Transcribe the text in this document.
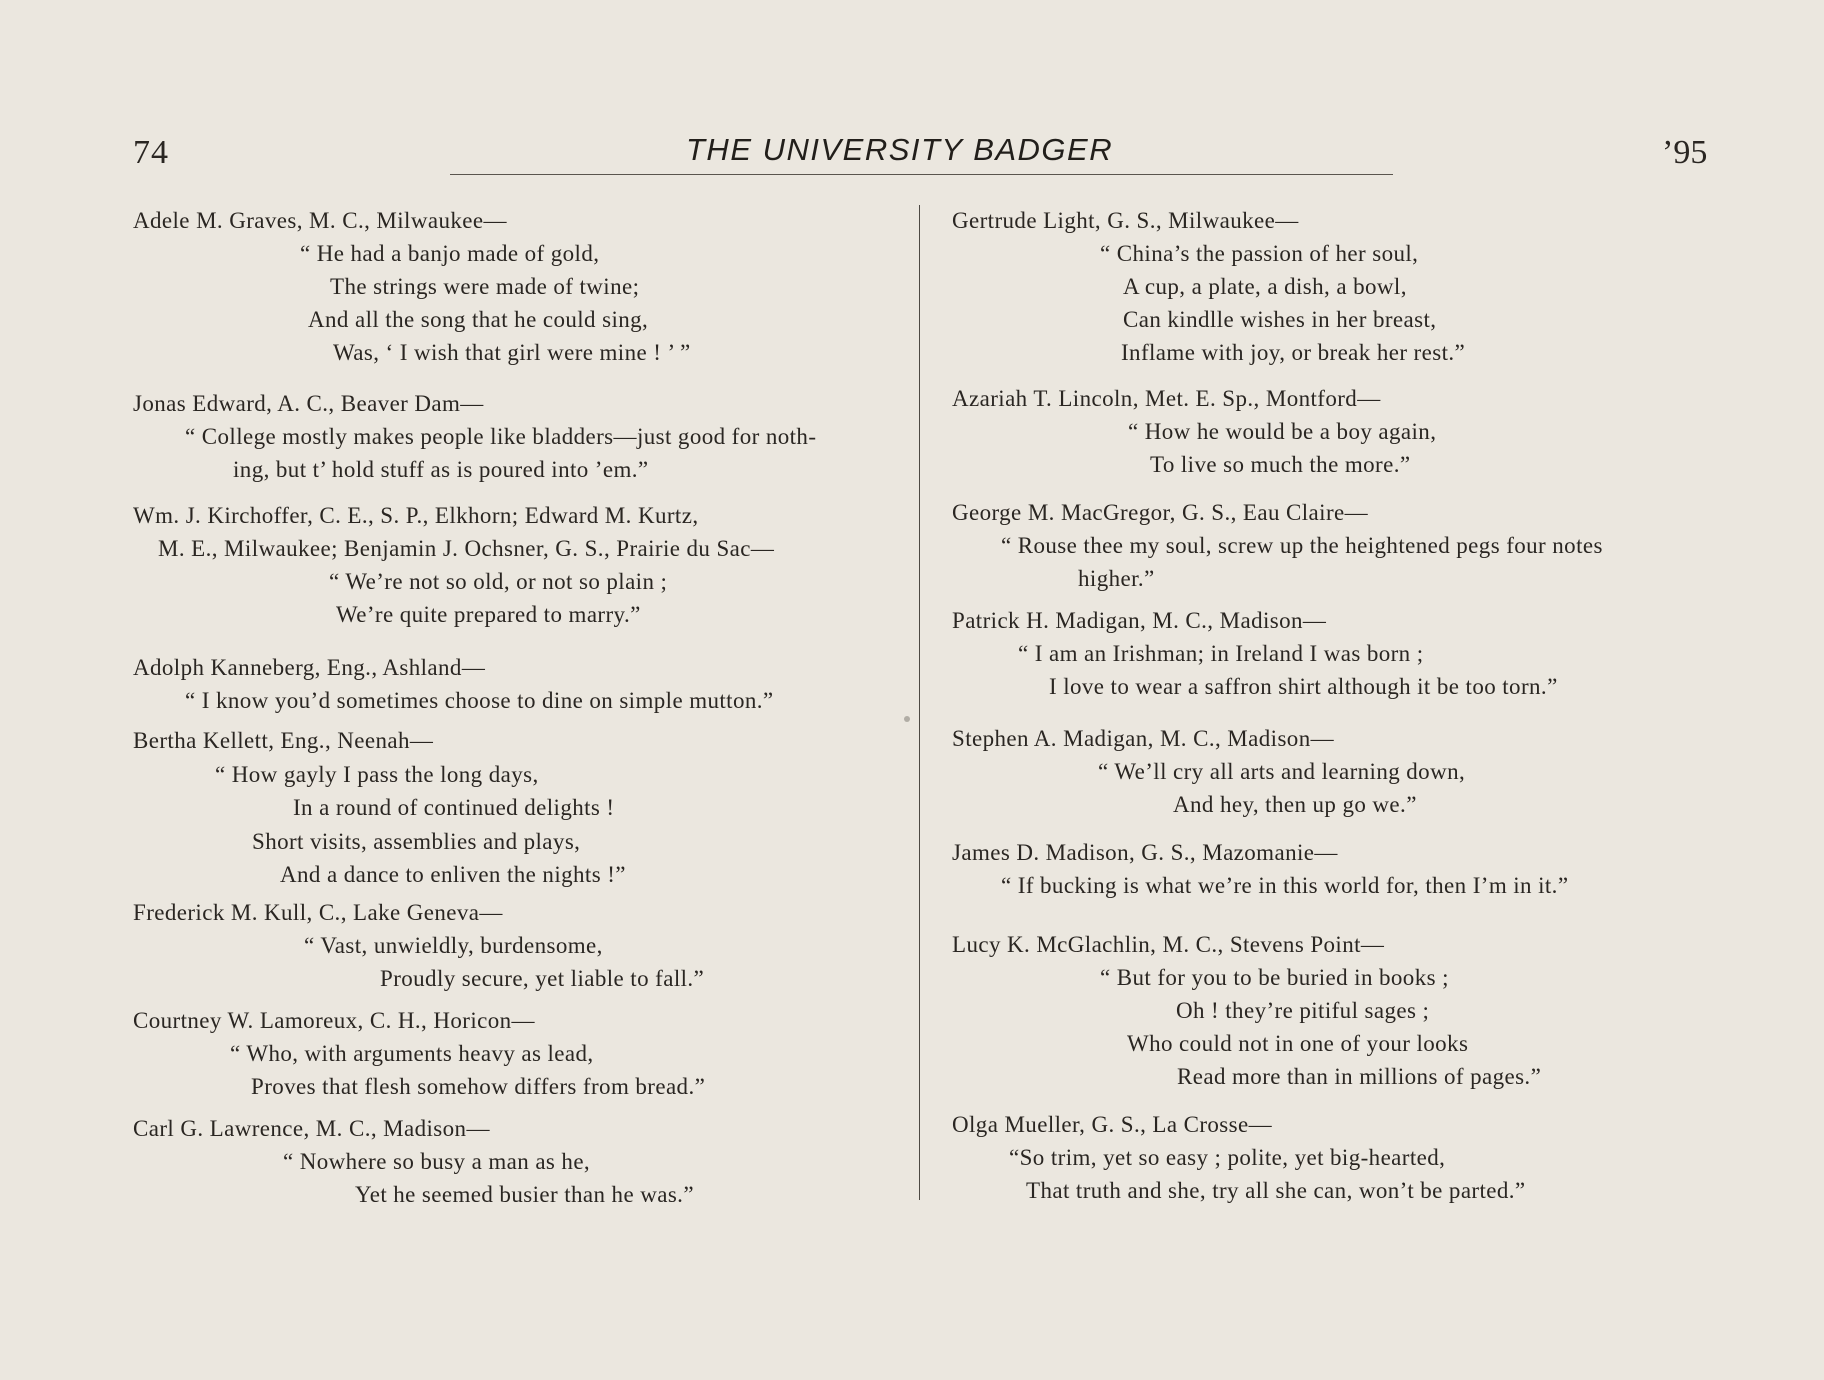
74	THE UNIVERSITY BADGER	’95
Adele M. Graves, M. C., Milwaukee—
“ He had a banjo made of gold,
The strings were made of twine;
And all the song that he could sing,
Was, ‘ I wish that girl were mine ! ’ ”
Jonas Edward, A. C., Beaver Dam—
“ College mostly makes people like bladders—just good for noth-
ing, but t’ hold stuff as is poured into ’em.”
Wm. J. Kirchoffer, C. E., S. P., Elkhorn; Edward M. Kurtz,
M. E., Milwaukee; Benjamin J. Ochsner, G. S., Prairie du Sac—
“ We’re not so old, or not so plain ;
We’re quite prepared to marry.”
Adolph Kanneberg, Eng., Ashland—
“ I know you’d sometimes choose to dine on simple mutton.”
Bertha Kellett, Eng., Neenah—
“ How gayly I pass the long days,
In a round of continued delights !
Short visits, assemblies and plays,
And a dance to enliven the nights !”
Frederick M. Kull, C., Lake Geneva—
“ Vast, unwieldly, burdensome,
Proudly secure, yet liable to fall.”
Courtney W. Lamoreux, C. H., Horicon—
“ Who, with arguments heavy as lead,
Proves that flesh somehow differs from bread.”
Carl G. Lawrence, M. C., Madison—
“ Nowhere so busy a man as he,
Yet he seemed busier than he was.”
Gertrude Light, G. S., Milwaukee—
“ China’s the passion of her soul,
A cup, a plate, a dish, a bowl,
Can kindlle wishes in her breast,
Inflame with joy, or break her rest.”
Azariah T. Lincoln, Met. E. Sp., Montford—
“ How he would be a boy again,
To live so much the more.”
George M. MacGregor, G. S., Eau Claire—
“ Rouse thee my soul, screw up the heightened pegs four notes
higher.”
Patrick H. Madigan, M. C., Madison—
“ I am an Irishman; in Ireland I was born ;
I love to wear a saffron shirt although it be too torn.”
Stephen A. Madigan, M. C., Madison—
“ We’ll cry all arts and learning down,
And hey, then up go we.”
James D. Madison, G. S., Mazomanie—
“ If bucking is what we’re in this world for, then I’m in it.”
Lucy K. McGlachlin, M. C., Stevens Point—
“ But for you to be buried in books ;
Oh ! they’re pitiful sages ;
Who could not in one of your looks
Read more than in millions of pages.”
Olga Mueller, G. S., La Crosse—
“So trim, yet so easy ; polite, yet big-hearted,
That truth and she, try all she can, won’t be parted.”
